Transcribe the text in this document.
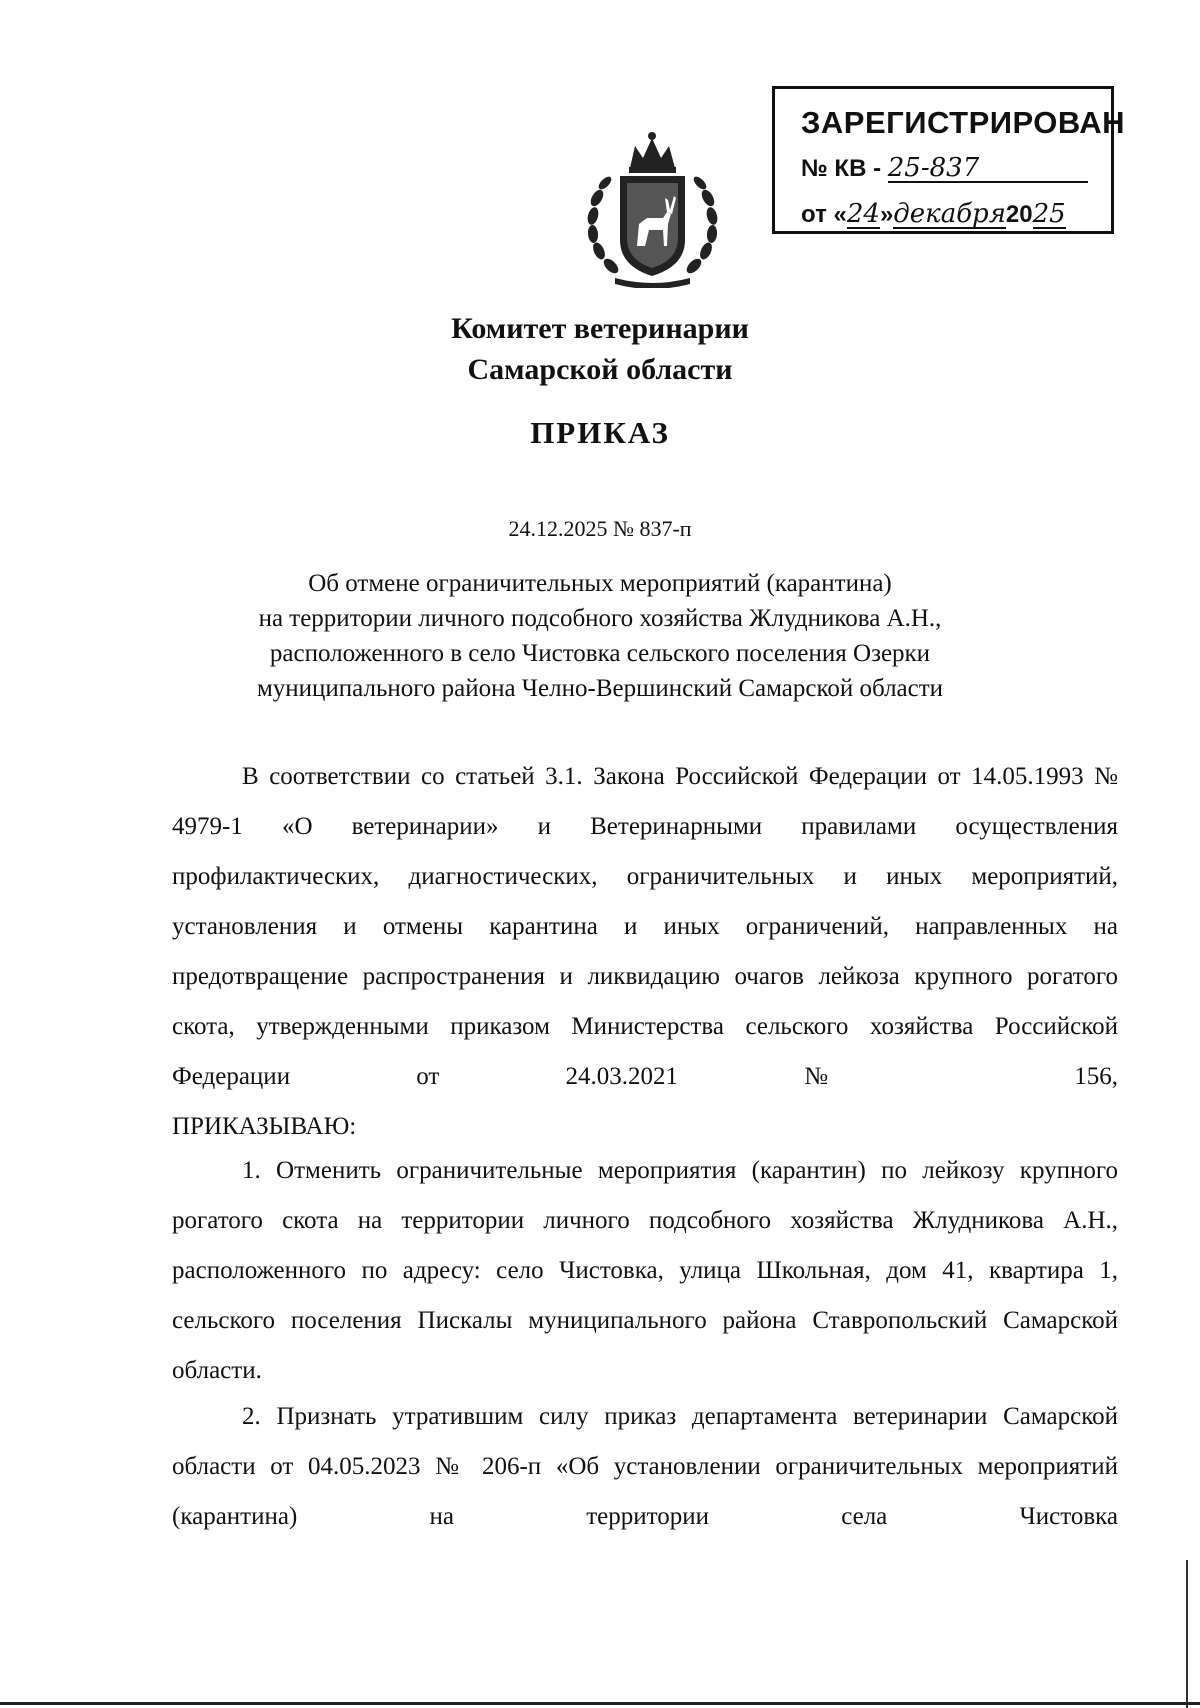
ЗАРЕГИСТРИРОВАН
№ КВ - 25-837
от «24»декабря2025
Комитет ветеринарии
Самарской области
ПРИКАЗ
24.12.2025 № 837-п
Об отмене ограничительных мероприятий (карантина)
на территории личного подсобного хозяйства Жлудникова А.Н.,
расположенного в село Чистовка сельского поселения Озерки
муниципального района Челно-Вершинский Самарской области

В соответствии со статьей 3.1. Закона Российской Федерации от 14.05.1993 № 4979-1 «О ветеринарии» и Ветеринарными правилами осуществления профилактических, диагностических, ограничительных и иных мероприятий, установления и отмены карантина и иных ограничений, направленных на предотвращение распространения и ликвидацию очагов лейкоза крупного рогатого скота, утвержденными приказом Министерства сельского хозяйства Российской Федерации от 24.03.2021 № 156,

ПРИКАЗЫВАЮ:

1. Отменить ограничительные мероприятия (карантин) по лейкозу крупного рогатого скота на территории личного подсобного хозяйства Жлудникова А.Н., расположенного по адресу: село Чистовка, улица Школьная, дом 41, квартира 1, сельского поселения Пискалы муниципального района Ставропольский Самарской области.

2. Признать утратившим силу приказ департамента ветеринарии Самарской области от 04.05.2023 № 206-п «Об установлении ограничительных мероприятий (карантина) на территории села Чистовка
